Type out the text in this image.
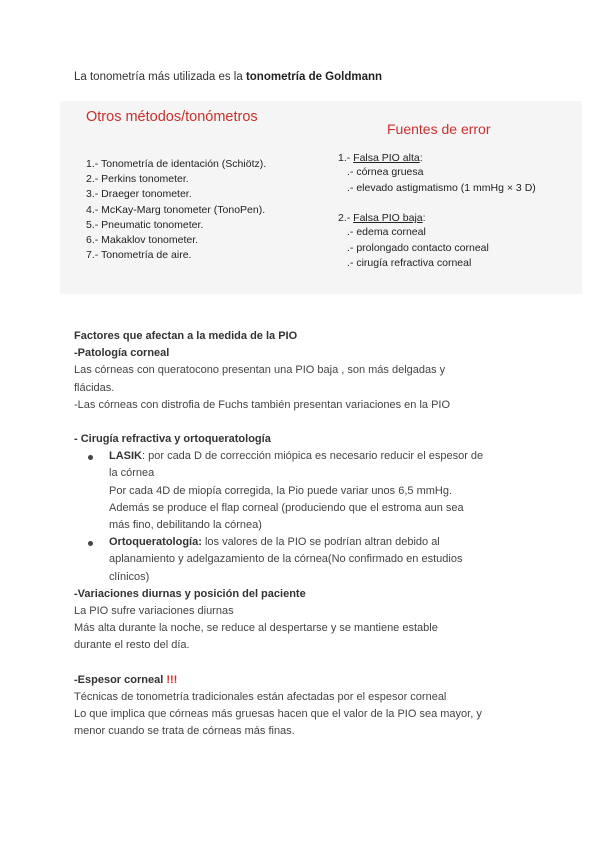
La tonometría más utilizada es la tonometría de Goldmann
Otros métodos/tonómetros
1.- Tonometría de identación (Schiötz).
2.- Perkins tonometer.
3.- Draeger tonometer.
4.- McKay-Marg tonometer (TonoPen).
5.- Pneumatic tonometer.
6.- Makaklov tonometer.
7.- Tonometría de aire.
Fuentes de error
1.- Falsa PIO alta:
.- córnea gruesa
.- elevado astigmatismo (1 mmHg × 3 D)
2.- Falsa PIO baja:
.- edema corneal
.- prolongado contacto corneal
.- cirugía refractiva corneal

Factores que afectan a la medida de la PIO

-Patología corneal

Las córneas con queratocono presentan una PIO baja , son más delgadas y

flácidas.

-Las córneas con distrofia de Fuchs también presentan variaciones en la PIO

- Cirugía refractiva y ortoqueratología

LASIK: por cada D de corrección miópica es necesario reducir el espesor de
la córnea
Por cada 4D de miopía corregida, la Pio puede variar unos 6,5 mmHg.
Además se produce el flap corneal (produciendo que el estroma aun sea
más fino, debilitando la córnea)
Ortoqueratología: los valores de la PIO se podrían altran debido al
aplanamiento y adelgazamiento de la córnea(No confirmado en estudios
clínicos)

-Variaciones diurnas y posición del paciente

La PIO sufre variaciones diurnas

Más alta durante la noche, se reduce al despertarse y se mantiene estable

durante el resto del día.

-Espesor corneal !!!

Técnicas de tonometría tradicionales están afectadas por el espesor corneal

Lo que implica que córneas más gruesas hacen que el valor de la PIO sea mayor, y

menor cuando se trata de córneas más finas.
